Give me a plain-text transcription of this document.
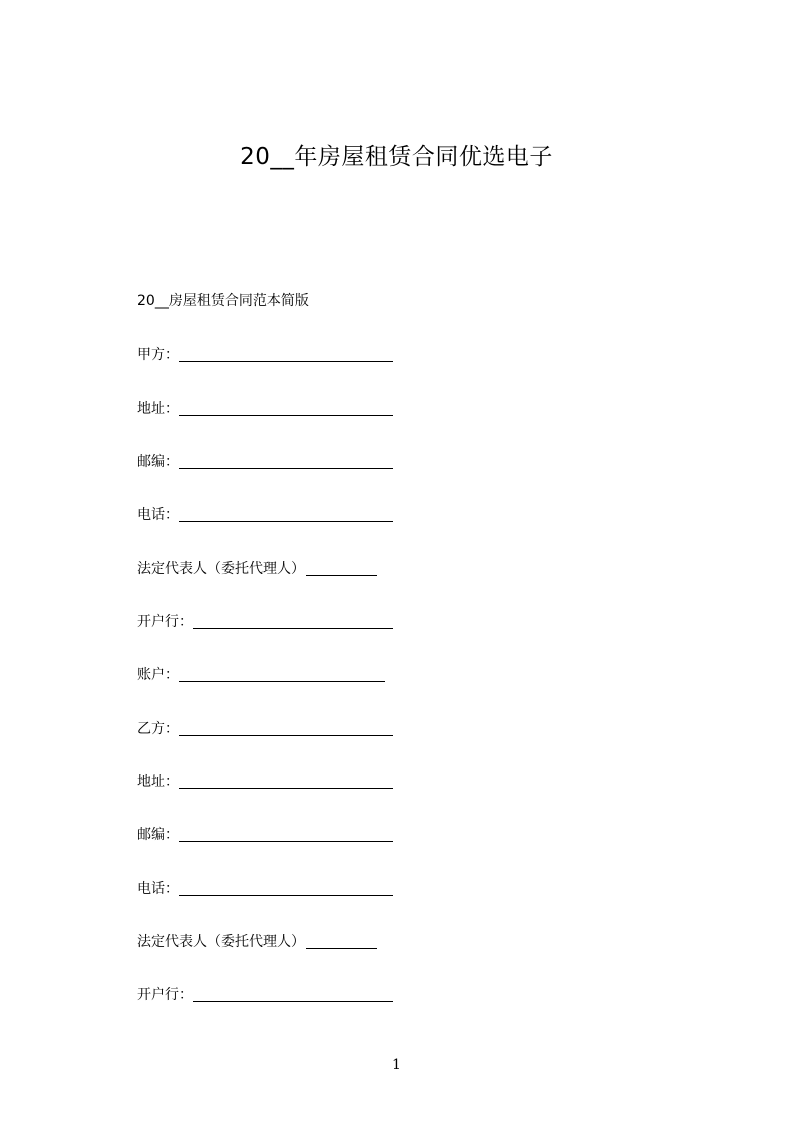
20__年房屋租赁合同优选电子
20__房屋租赁合同范本简版
甲方：
地址：
邮编：
电话：
法定代表人（委托代理人）
开户行：
账户：
乙方：
地址：
邮编：
电话：
法定代表人（委托代理人）
开户行：
1
